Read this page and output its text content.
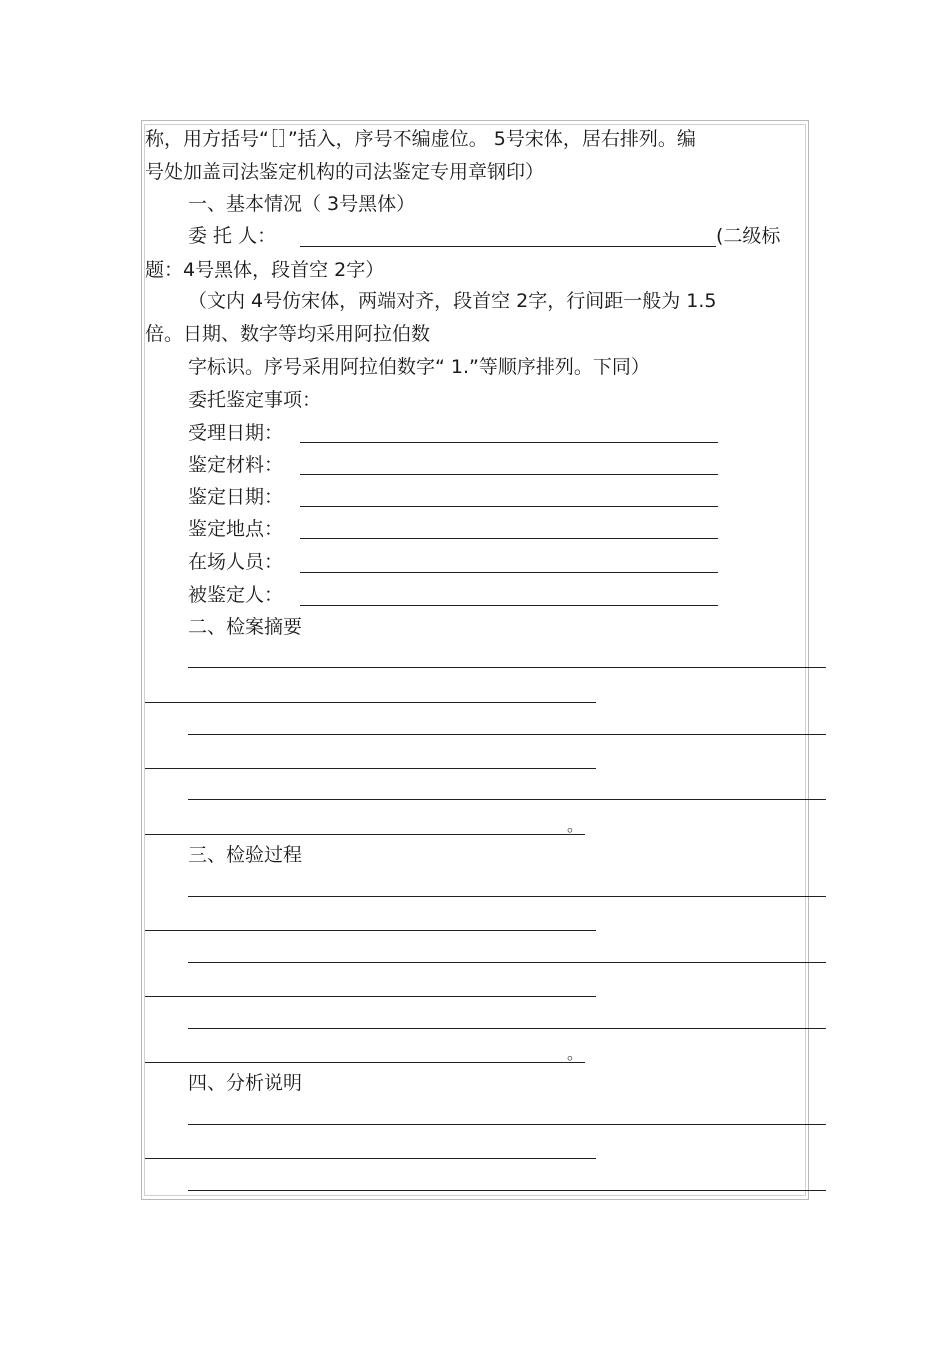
称，用方括号“［］”括入，序号不编虚位。 5号宋体，居右排列。编
号处加盖司法鉴定机构的司法鉴定专用章钢印）
一、基本情况（ 3号黑体）
委 托 人：	(二级标
题：4号黑体，段首空 2字）
（文内 4号仿宋体，两端对齐，段首空 2字，行间距一般为 1.5
倍。日期、数字等均采用阿拉伯数
字标识。序号采用阿拉伯数字“ 1.”等顺序排列。下同）
委托鉴定事项：
受理日期：
鉴定材料：
鉴定日期：
鉴定地点：
在场人员：
被鉴定人：
二、检案摘要
。
三、检验过程
。
四、分析说明
